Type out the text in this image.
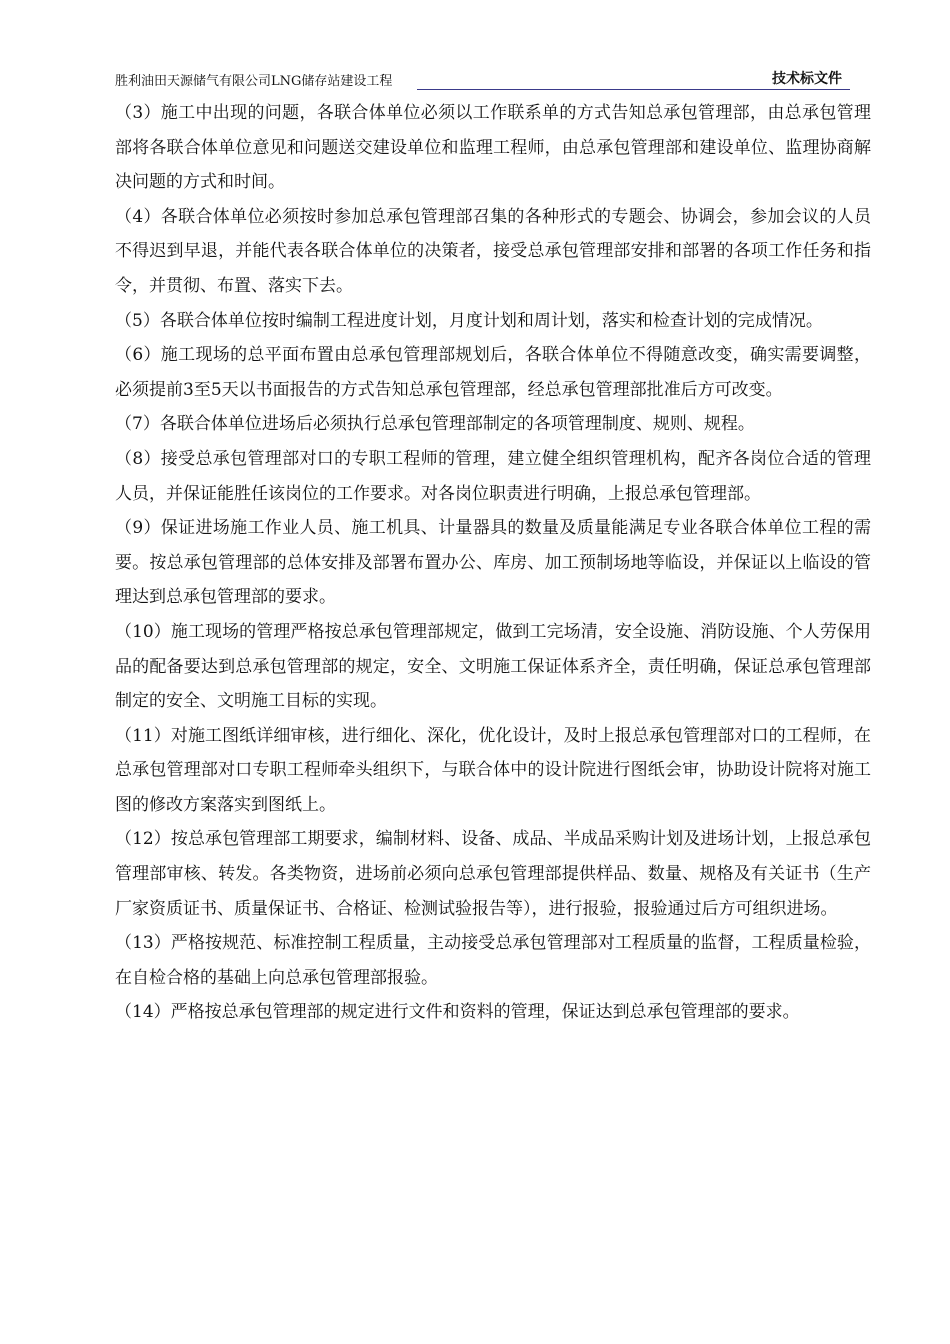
胜利油田天源储气有限公司LNG储存站建设工程	技术标文件

（3）施工中出现的问题，各联合体单位必须以工作联系单的方式告知总承包管理部，由总承包管理部将各联合体单位意见和问题送交建设单位和监理工程师，由总承包管理部和建设单位、监理协商解决问题的方式和时间。

（4）各联合体单位必须按时参加总承包管理部召集的各种形式的专题会、协调会，参加会议的人员不得迟到早退，并能代表各联合体单位的决策者，接受总承包管理部安排和部署的各项工作任务和指令，并贯彻、布置、落实下去。

（5）各联合体单位按时编制工程进度计划，月度计划和周计划，落实和检查计划的完成情况。

（6）施工现场的总平面布置由总承包管理部规划后，各联合体单位不得随意改变，确实需要调整，必须提前3至5天以书面报告的方式告知总承包管理部，经总承包管理部批准后方可改变。

（7）各联合体单位进场后必须执行总承包管理部制定的各项管理制度、规则、规程。

（8）接受总承包管理部对口的专职工程师的管理，建立健全组织管理机构，配齐各岗位合适的管理人员，并保证能胜任该岗位的工作要求。对各岗位职责进行明确，上报总承包管理部。

（9）保证进场施工作业人员、施工机具、计量器具的数量及质量能满足专业各联合体单位工程的需要。按总承包管理部的总体安排及部署布置办公、库房、加工预制场地等临设，并保证以上临设的管理达到总承包管理部的要求。

（10）施工现场的管理严格按总承包管理部规定，做到工完场清，安全设施、消防设施、个人劳保用品的配备要达到总承包管理部的规定，安全、文明施工保证体系齐全，责任明确，保证总承包管理部制定的安全、文明施工目标的实现。

（11）对施工图纸详细审核，进行细化、深化，优化设计，及时上报总承包管理部对口的工程师，在总承包管理部对口专职工程师牵头组织下，与联合体中的设计院进行图纸会审，协助设计院将对施工图的修改方案落实到图纸上。

（12）按总承包管理部工期要求，编制材料、设备、成品、半成品采购计划及进场计划，上报总承包管理部审核、转发。各类物资，进场前必须向总承包管理部提供样品、数量、规格及有关证书（生产厂家资质证书、质量保证书、合格证、检测试验报告等），进行报验，报验通过后方可组织进场。

（13）严格按规范、标准控制工程质量，主动接受总承包管理部对工程质量的监督，工程质量检验，在自检合格的基础上向总承包管理部报验。

（14）严格按总承包管理部的规定进行文件和资料的管理，保证达到总承包管理部的要求。
